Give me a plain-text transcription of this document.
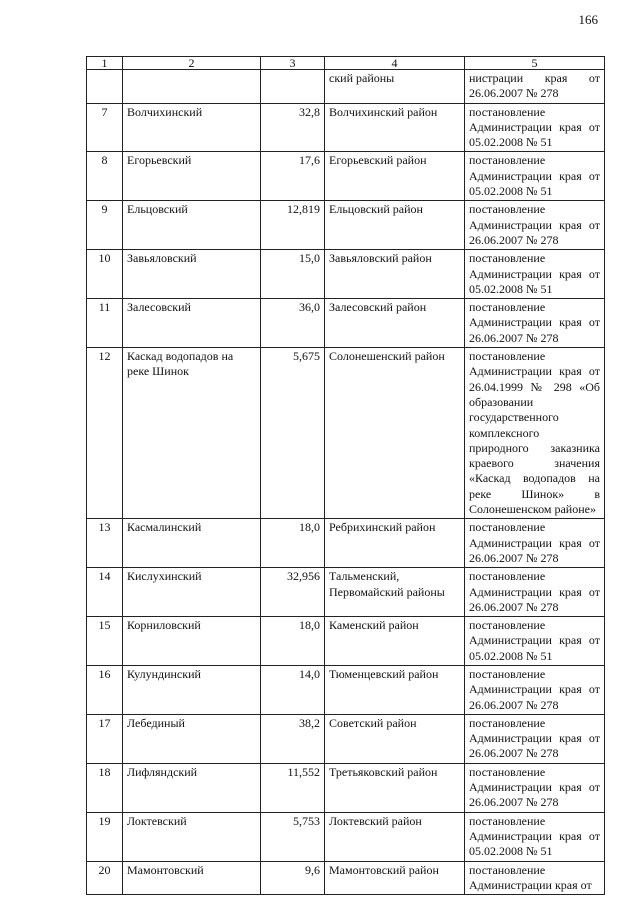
166
1	2	3	4	5
			ский районы	нистрации края от 26.06.2007 № 278
7	Волчихинский	32,8	Волчихинский район	постановление Администрации края от 05.02.2008 № 51
8	Егорьевский	17,6	Егорьевский район	постановление Администрации края от 05.02.2008 № 51
9	Ельцовский	12,819	Ельцовский район	постановление Администрации края от 26.06.2007 № 278
10	Завьяловский	15,0	Завьяловский район	постановление Администрации края от 05.02.2008 № 51
11	Залесовский	36,0	Залесовский район	постановление Администрации края от 26.06.2007 № 278
12	Каскад водопадов на реке Шинок	5,675	Солонешенский район	постановление Администрации края от 26.04.1999 № 298 «Об образовании государственного комплексного природного заказника краевого значения «Каскад водопадов на реке Шинок» в Солонешенском районе»
13	Касмалинский	18,0	Ребрихинский район	постановление Администрации края от 26.06.2007 № 278
14	Кислухинский	32,956	Тальменский, Первомайский районы	постановление Администрации края от 26.06.2007 № 278
15	Корниловский	18,0	Каменский район	постановление Администрации края от 05.02.2008 № 51
16	Кулундинский	14,0	Тюменцевский район	постановление Администрации края от 26.06.2007 № 278
17	Лебединый	38,2	Советский район	постановление Администрации края от 26.06.2007 № 278
18	Лифляндский	11,552	Третьяковский район	постановление Администрации края от 26.06.2007 № 278
19	Локтевский	5,753	Локтевский район	постановление Администрации края от 05.02.2008 № 51
20	Мамонтовский	9,6	Мамонтовский район	постановление Администрации края от
